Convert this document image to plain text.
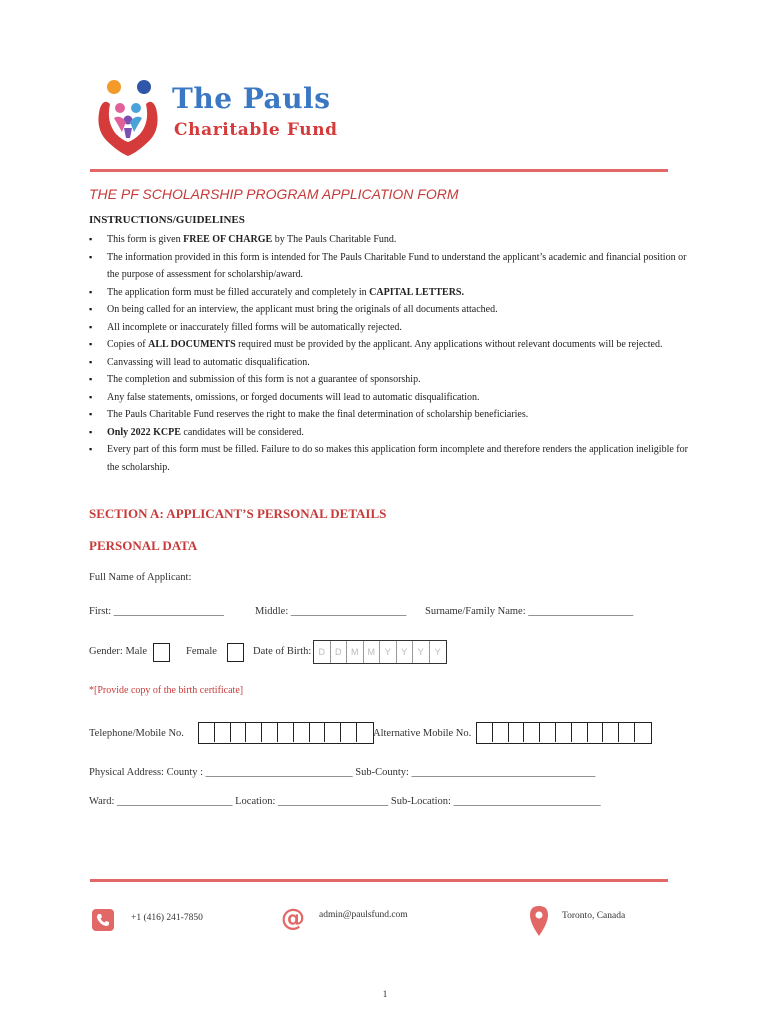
The Pauls
Charitable Fund
THE PF SCHOLARSHIP PROGRAM APPLICATION FORM
INSTRUCTIONS/GUIDELINES
▪ This form is given FREE OF CHARGE by The Pauls Charitable Fund.
▪ The information provided in this form is intended for The Pauls Charitable Fund to understand the applicant’s academic and financial position or the purpose of assessment for scholarship/award.
▪ The application form must be filled accurately and completely in CAPITAL LETTERS.
▪ On being called for an interview, the applicant must bring the originals of all documents attached.
▪ All incomplete or inaccurately filled forms will be automatically rejected.
▪ Copies of ALL DOCUMENTS required must be provided by the applicant. Any applications without relevant documents will be rejected.
▪ Canvassing will lead to automatic disqualification.
▪ The completion and submission of this form is not a guarantee of sponsorship.
▪ Any false statements, omissions, or forged documents will lead to automatic disqualification.
▪ The Pauls Charitable Fund reserves the right to make the final determination of scholarship beneficiaries.
▪ Only 2022 KCPE candidates will be considered.
▪ Every part of this form must be filled. Failure to do so makes this application form incomplete and therefore renders the application ineligible for the scholarship.
SECTION A: APPLICANT’S PERSONAL DETAILS
PERSONAL DATA
Full Name of Applicant:
First: _____________________	Middle: ______________________ Surname/Family Name: ____________________
Gender: Male	Female	Date of Birth: D	D	M	M	Y	Y	Y	Y
*[Provide copy of the birth certificate]
Telephone/Mobile No.	Alternative Mobile No.
Physical Address: County : ____________________________ Sub-County: ___________________________________
Ward: ______________________ Location: _____________________ Sub-Location: ____________________________
+1 (416) 241-7850	@ admin@paulsfund.com	Toronto, Canada
1
